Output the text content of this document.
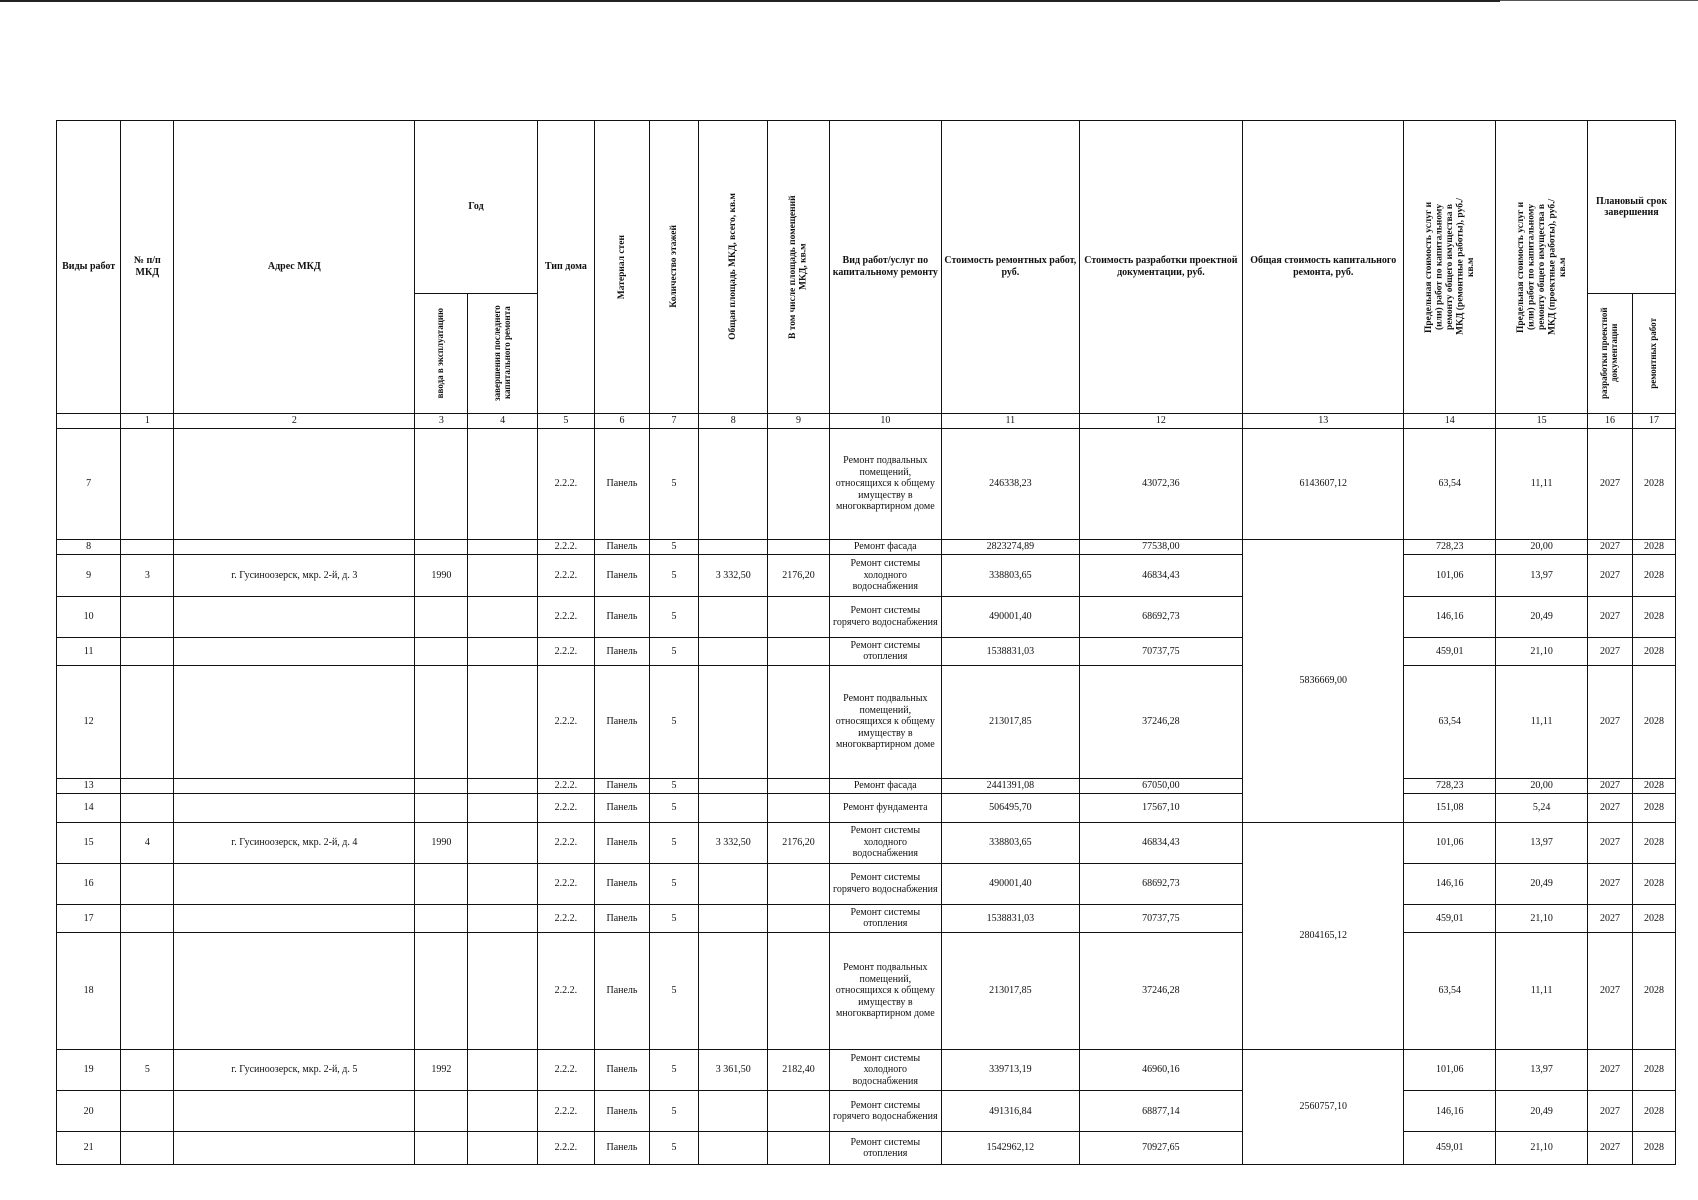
Виды работ	№ п/п МКД	Адрес МКД	Год		Тип дома	Материал стен	Количество этажей	Общая площадь МКД, всего, кв.м	В том числе площадь помещений МКД, кв.м	Вид работ/услуг по капитальному ремонту	Стоимость ремонтных работ, руб.	Стоимость разработки проектной документации, руб.	Общая стоимость капитального ремонта, руб.	Предельная стоимость услуг и (или) работ по капитальному ремонту общего имущества в МКД (ремонтные работы), руб./кв.м	Предельная стоимость услуг и (или) работ по капитальному ремонту общего имущества в МКД (проектные работы), руб./кв.м	Плановый срок завершения	

			ввода в эксплуатацию	завершения последнего капитального ремонта												разработки проектной документации	ремонтных работ

	1	2	3	4	5	6	7	8	9	10	11	12	13	14	15	16	17
7					2.2.2.	Панель	5			Ремонт подвальных помещений, относящихся к общему имуществу в многоквартирном доме	246338,23	43072,36	6143607,12	63,54	11,11	2027	2028
8					2.2.2.	Панель	5			Ремонт фасада	2823274,89	77538,00	5836669,00	728,23	20,00	2027	2028
9	3	г. Гусиноозерск, мкр. 2-й, д. 3	1990		2.2.2.	Панель	5	3 332,50	2176,20	Ремонт системы холодного водоснабжения	338803,65	46834,43		101,06	13,97	2027	2028
10					2.2.2.	Панель	5			Ремонт системы горячего водоснабжения	490001,40	68692,73		146,16	20,49	2027	2028
11					2.2.2.	Панель	5			Ремонт системы отопления	1538831,03	70737,75		459,01	21,10	2027	2028
12					2.2.2.	Панель	5			Ремонт подвальных помещений, относящихся к общему имуществу в многоквартирном доме	213017,85	37246,28		63,54	11,11	2027	2028
13					2.2.2.	Панель	5			Ремонт фасада	2441391,08	67050,00		728,23	20,00	2027	2028
14					2.2.2.	Панель	5			Ремонт фундамента	506495,70	17567,10		151,08	5,24	2027	2028
15	4	г. Гусиноозерск, мкр. 2-й, д. 4	1990		2.2.2.	Панель	5	3 332,50	2176,20	Ремонт системы холодного водоснабжения	338803,65	46834,43	2804165,12	101,06	13,97	2027	2028
16					2.2.2.	Панель	5			Ремонт системы горячего водоснабжения	490001,40	68692,73		146,16	20,49	2027	2028
17					2.2.2.	Панель	5			Ремонт системы отопления	1538831,03	70737,75		459,01	21,10	2027	2028
18					2.2.2.	Панель	5			Ремонт подвальных помещений, относящихся к общему имуществу в многоквартирном доме	213017,85	37246,28		63,54	11,11	2027	2028
19	5	г. Гусиноозерск, мкр. 2-й, д. 5	1992		2.2.2.	Панель	5	3 361,50	2182,40	Ремонт системы холодного водоснабжения	339713,19	46960,16	2560757,10	101,06	13,97	2027	2028
20					2.2.2.	Панель	5			Ремонт системы горячего водоснабжения	491316,84	68877,14		146,16	20,49	2027	2028
21					2.2.2.	Панель	5			Ремонт системы отопления	1542962,12	70927,65		459,01	21,10	2027	2028
